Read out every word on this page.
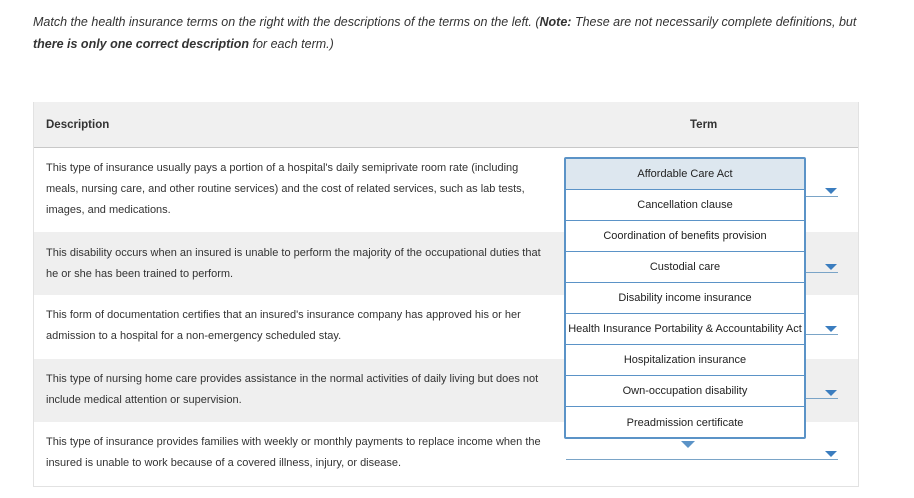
Match the health insurance terms on the right with the descriptions of the terms on the left. (Note: These are not necessarily complete definitions, but there is only one correct description for each term.)
Description	Term
This type of insurance usually pays a portion of a hospital's daily semiprivate room rate (including meals, nursing care, and other routine services) and the cost of related services, such as lab tests, images, and medications.
This disability occurs when an insured is unable to perform the majority of the occupational duties that he or she has been trained to perform.
This form of documentation certifies that an insured's insurance company has approved his or her admission to a hospital for a non-emergency scheduled stay.
This type of nursing home care provides assistance in the normal activities of daily living but does not include medical attention or supervision.
This type of insurance provides families with weekly or monthly payments to replace income when the insured is unable to work because of a covered illness, injury, or disease.
Affordable Care Act
Cancellation clause
Coordination of benefits provision
Custodial care
Disability income insurance
Health Insurance Portability & Accountability Act
Hospitalization insurance
Own-occupation disability
Preadmission certificate
